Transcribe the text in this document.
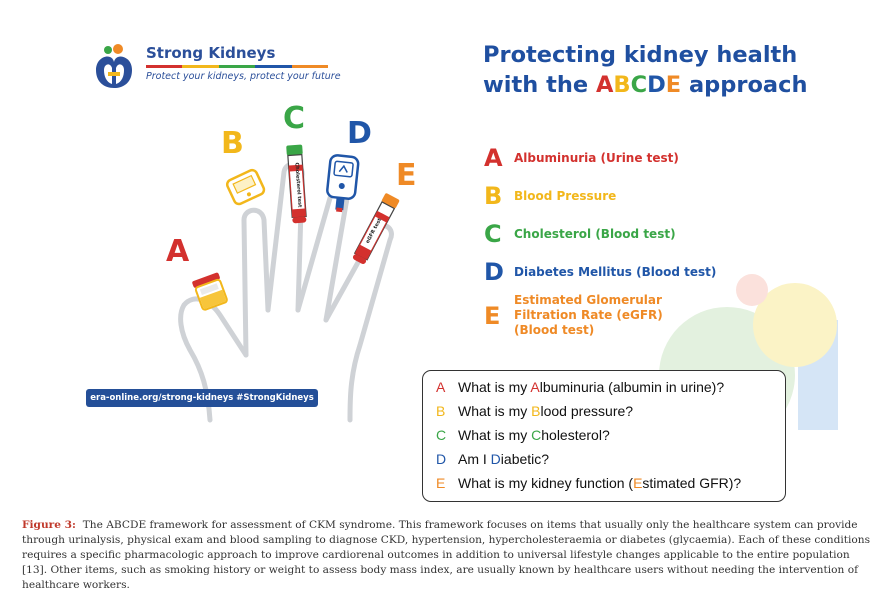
Strong Kidneys
Protect your kidneys, protect your future
Protecting kidney health
with the ABCDE approach
Cholesterol test
eGFR test
A
B
C D
E	A Albuminuria (Urine test)
B Blood Pressure
C Cholesterol (Blood test)
D Diabetes Mellitus (Blood test)
E
Estimated Glomerular
Filtration Rate (eGFR)
(Blood test)
era-online.org/strong-kidneys #StrongKidneys
A What is my Albuminuria (albumin in urine)?
B What is my Blood pressure?
C What is my Cholesterol?
D Am I Diabetic?
E What is my kidney function (Estimated GFR)?
Figure 3: The ABCDE framework for assessment of CKM syndrome. This framework focuses on items that usually only the healthcare system can provide through urinalysis, physical exam and blood sampling to diagnose CKD, hypertension, hypercholesteraemia or diabetes (glycaemia). Each of these conditions requires a specific pharmacologic approach to improve cardiorenal outcomes in addition to universal lifestyle changes applicable to the entire population [13]. Other items, such as smoking history or weight to assess body mass index, are usually known by healthcare users without needing the intervention of healthcare workers.
